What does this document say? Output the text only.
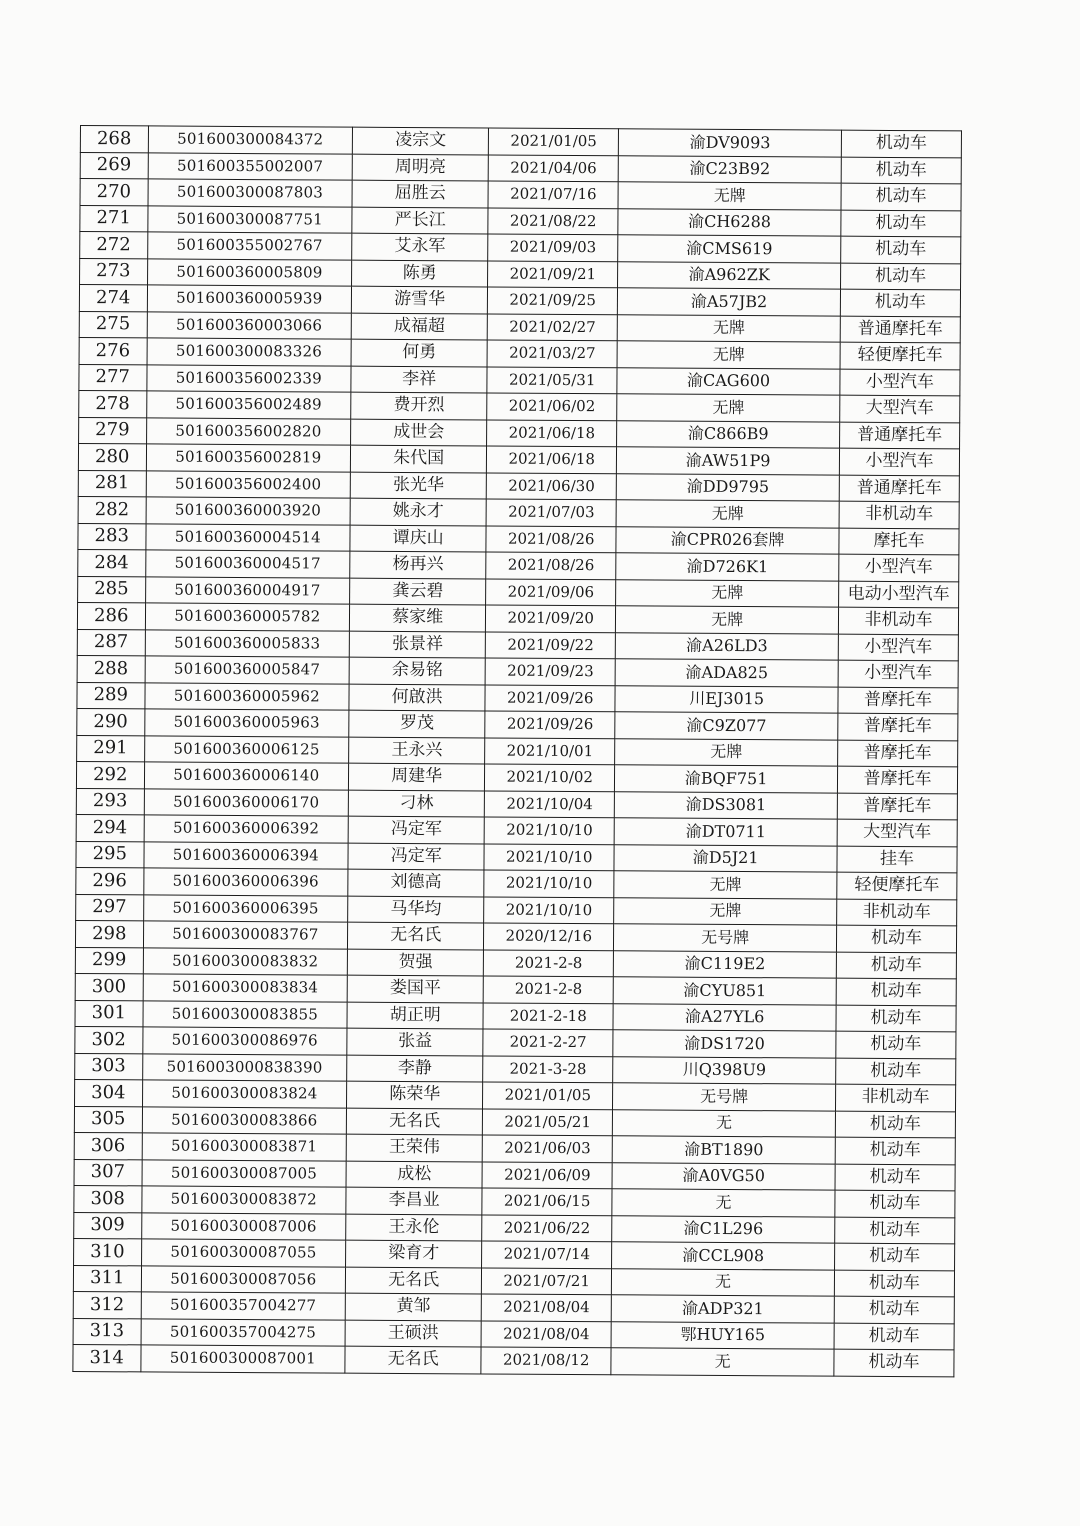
268	501600300084372	凌宗文	2021/01/05	渝DV9093	机动车
269	501600355002007	周明亮	2021/04/06	渝C23B92	机动车
270	501600300087803	屈胜云	2021/07/16	无牌	机动车
271	501600300087751	严长江	2021/08/22	渝CH6288	机动车
272	501600355002767	艾永军	2021/09/03	渝CMS619	机动车
273	501600360005809	陈勇	2021/09/21	渝A962ZK	机动车
274	501600360005939	游雪华	2021/09/25	渝A57JB2	机动车
275	501600360003066	成福超	2021/02/27	无牌	普通摩托车
276	501600300083326	何勇	2021/03/27	无牌	轻便摩托车
277	501600356002339	李祥	2021/05/31	渝CAG600	小型汽车
278	501600356002489	费开烈	2021/06/02	无牌	大型汽车
279	501600356002820	成世会	2021/06/18	渝C866B9	普通摩托车
280	501600356002819	朱代国	2021/06/18	渝AW51P9	小型汽车
281	501600356002400	张光华	2021/06/30	渝DD9795	普通摩托车
282	501600360003920	姚永才	2021/07/03	无牌	非机动车
283	501600360004514	谭庆山	2021/08/26	渝CPR026套牌	摩托车
284	501600360004517	杨再兴	2021/08/26	渝D726K1	小型汽车
285	501600360004917	龚云碧	2021/09/06	无牌	电动小型汽车
286	501600360005782	蔡家维	2021/09/20	无牌	非机动车
287	501600360005833	张景祥	2021/09/22	渝A26LD3	小型汽车
288	501600360005847	余易铭	2021/09/23	渝ADA825	小型汽车
289	501600360005962	何啟洪	2021/09/26	川EJ3015	普摩托车
290	501600360005963	罗茂	2021/09/26	渝C9Z077	普摩托车
291	501600360006125	王永兴	2021/10/01	无牌	普摩托车
292	501600360006140	周建华	2021/10/02	渝BQF751	普摩托车
293	501600360006170	刁林	2021/10/04	渝DS3081	普摩托车
294	501600360006392	冯定军	2021/10/10	渝DT0711	大型汽车
295	501600360006394	冯定军	2021/10/10	渝D5J21	挂车
296	501600360006396	刘德高	2021/10/10	无牌	轻便摩托车
297	501600360006395	马华均	2021/10/10	无牌	非机动车
298	501600300083767	无名氏	2020/12/16	无号牌	机动车
299	501600300083832	贺强	2021-2-8	渝C119E2	机动车
300	501600300083834	娄国平	2021-2-8	渝CYU851	机动车
301	501600300083855	胡正明	2021-2-18	渝A27YL6	机动车
302	501600300086976	张益	2021-2-27	渝DS1720	机动车
303	5016003000838390	李静	2021-3-28	川Q398U9	机动车
304	501600300083824	陈荣华	2021/01/05	无号牌	非机动车
305	501600300083866	无名氏	2021/05/21	无	机动车
306	501600300083871	王荣伟	2021/06/03	渝BT1890	机动车
307	501600300087005	成松	2021/06/09	渝A0VG50	机动车
308	501600300083872	李昌业	2021/06/15	无	机动车
309	501600300087006	王永伦	2021/06/22	渝C1L296	机动车
310	501600300087055	梁育才	2021/07/14	渝CCL908	机动车
311	501600300087056	无名氏	2021/07/21	无	机动车
312	501600357004277	黄邹	2021/08/04	渝ADP321	机动车
313	501600357004275	王硕洪	2021/08/04	鄂HUY165	机动车
314	501600300087001	无名氏	2021/08/12	无	机动车
